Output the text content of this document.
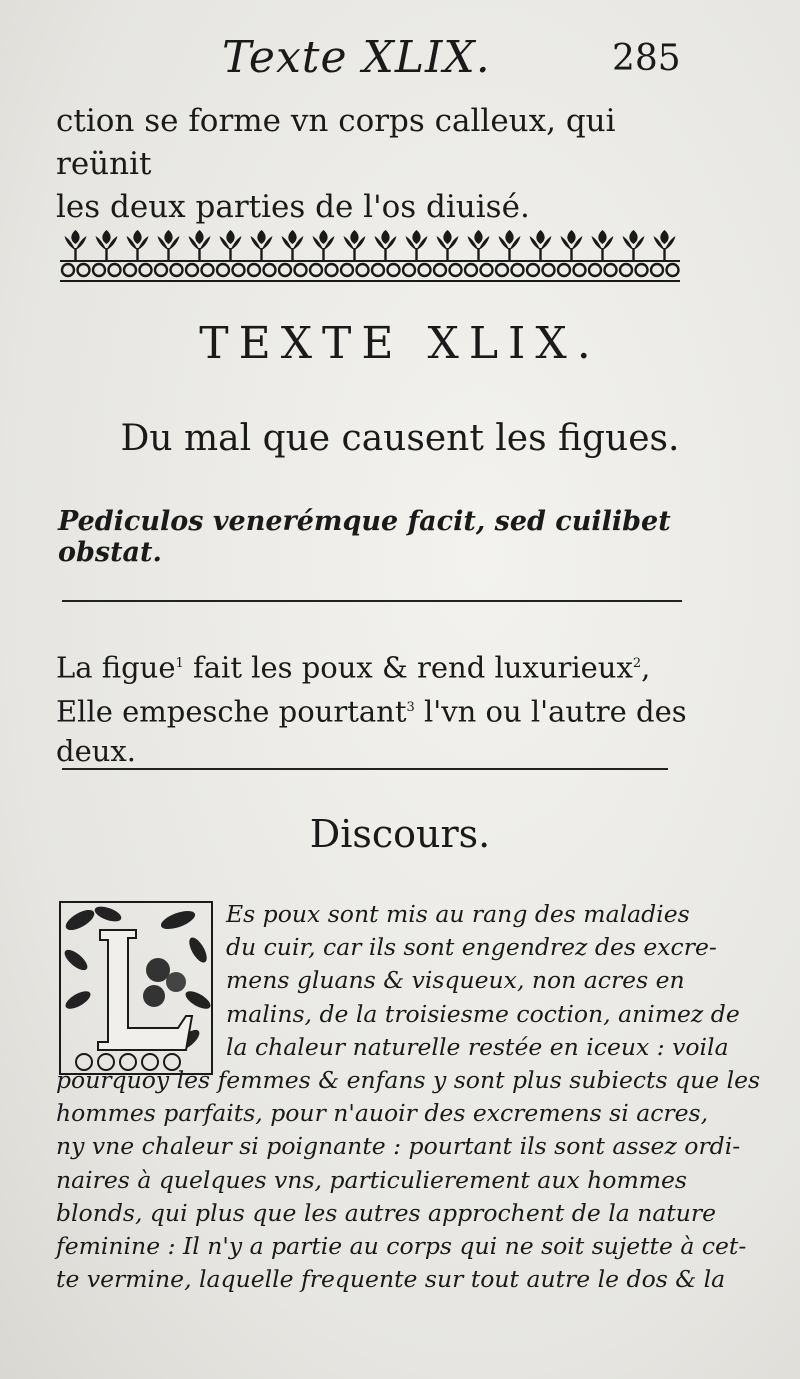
Texte XLIX.	285
ction se forme vn corps calleux, qui reünit
les deux parties de l'os diuisé.
TEXTE XLIX.
Du mal que causent les figues.
Pediculos venerémque facit, sed cuilibet obstat.
La figue$^1$ fait les poux & rend luxurieux$^2$,
Elle empesche pourtant$^3$ l'vn ou l'autre des deux.
Discours.
Es poux sont mis au rang des maladies
du cuir, car ils sont engendrez des excre-
mens gluans & visqueux, non acres en
malins, de la troisiesme coction, animez de
la chaleur naturelle restée en iceux : voila
pourquoy les femmes & enfans y sont plus subiects que les
hommes parfaits, pour n'auoir des excremens si acres,
ny vne chaleur si poignante : pourtant ils sont assez ordi-
naires à quelques vns, particulierement aux hommes
blonds, qui plus que les autres approchent de la nature
feminine : Il n'y a partie au corps qui ne soit sujette à cet-
te vermine, laquelle frequente sur tout autre le dos & la
